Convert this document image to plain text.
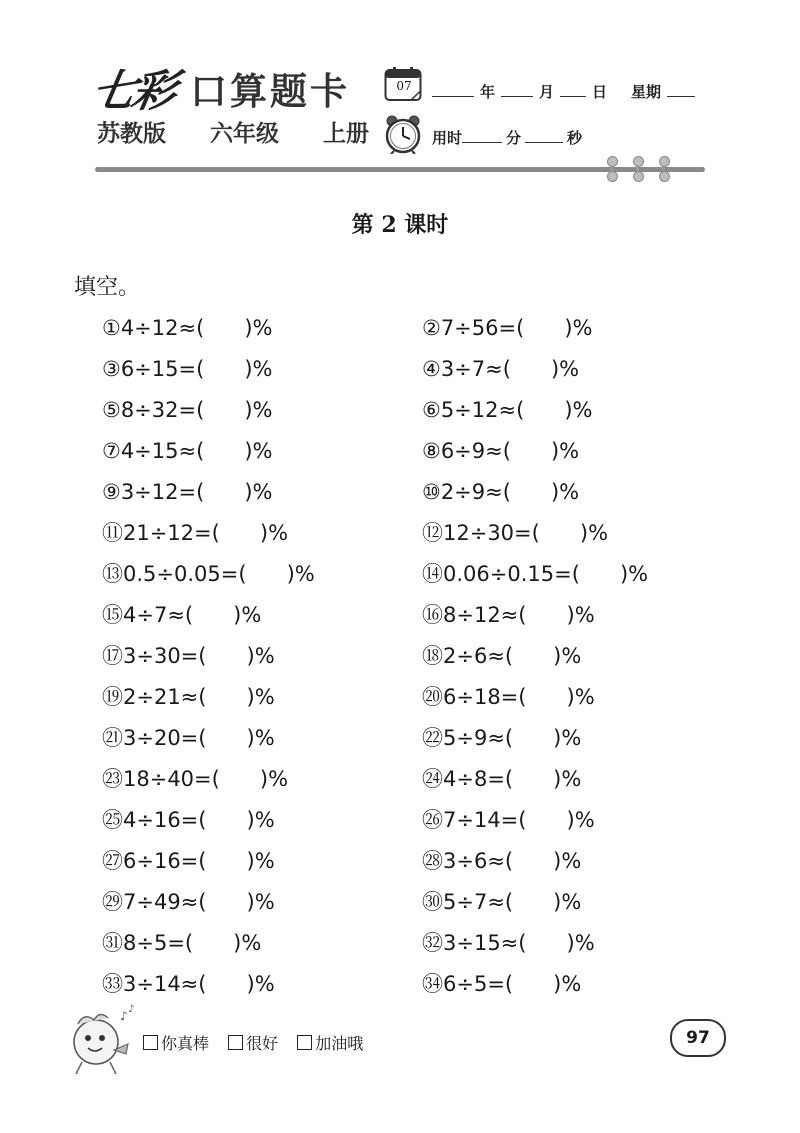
七彩 口算题卡
苏教版  六年级  上册
07	年	月	日 星期
用时	分	秒
第 2 课时
填空。
①4÷12≈(      )%	②7÷56=(      )%
③6÷15=(      )%	④3÷7≈(      )%
⑤8÷32=(      )%	⑥5÷12≈(      )%
⑦4÷15≈(      )%	⑧6÷9≈(      )%
⑨3÷12=(      )%	⑩2÷9≈(      )%
⑪21÷12=(      )%	⑫12÷30=(      )%
⑬0.5÷0.05=(      )%	⑭0.06÷0.15=(      )%
⑮4÷7≈(      )%	⑯8÷12≈(      )%
⑰3÷30=(      )%	⑱2÷6≈(      )%
⑲2÷21≈(      )%	⑳6÷18=(      )%
㉑3÷20=(      )%	㉒5÷9≈(      )%
㉓18÷40=(      )%	㉔4÷8=(      )%
㉕4÷16=(      )%	㉖7÷14=(      )%
㉗6÷16=(      )%	㉘3÷6≈(      )%
㉙7÷49≈(      )%	㉚5÷7≈(      )%
㉛8÷5=(      )%	㉜3÷15≈(      )%
㉝3÷14≈(      )%	㉞6÷5=(      )%
♪ ♪
你真棒 很好 加油哦	97
